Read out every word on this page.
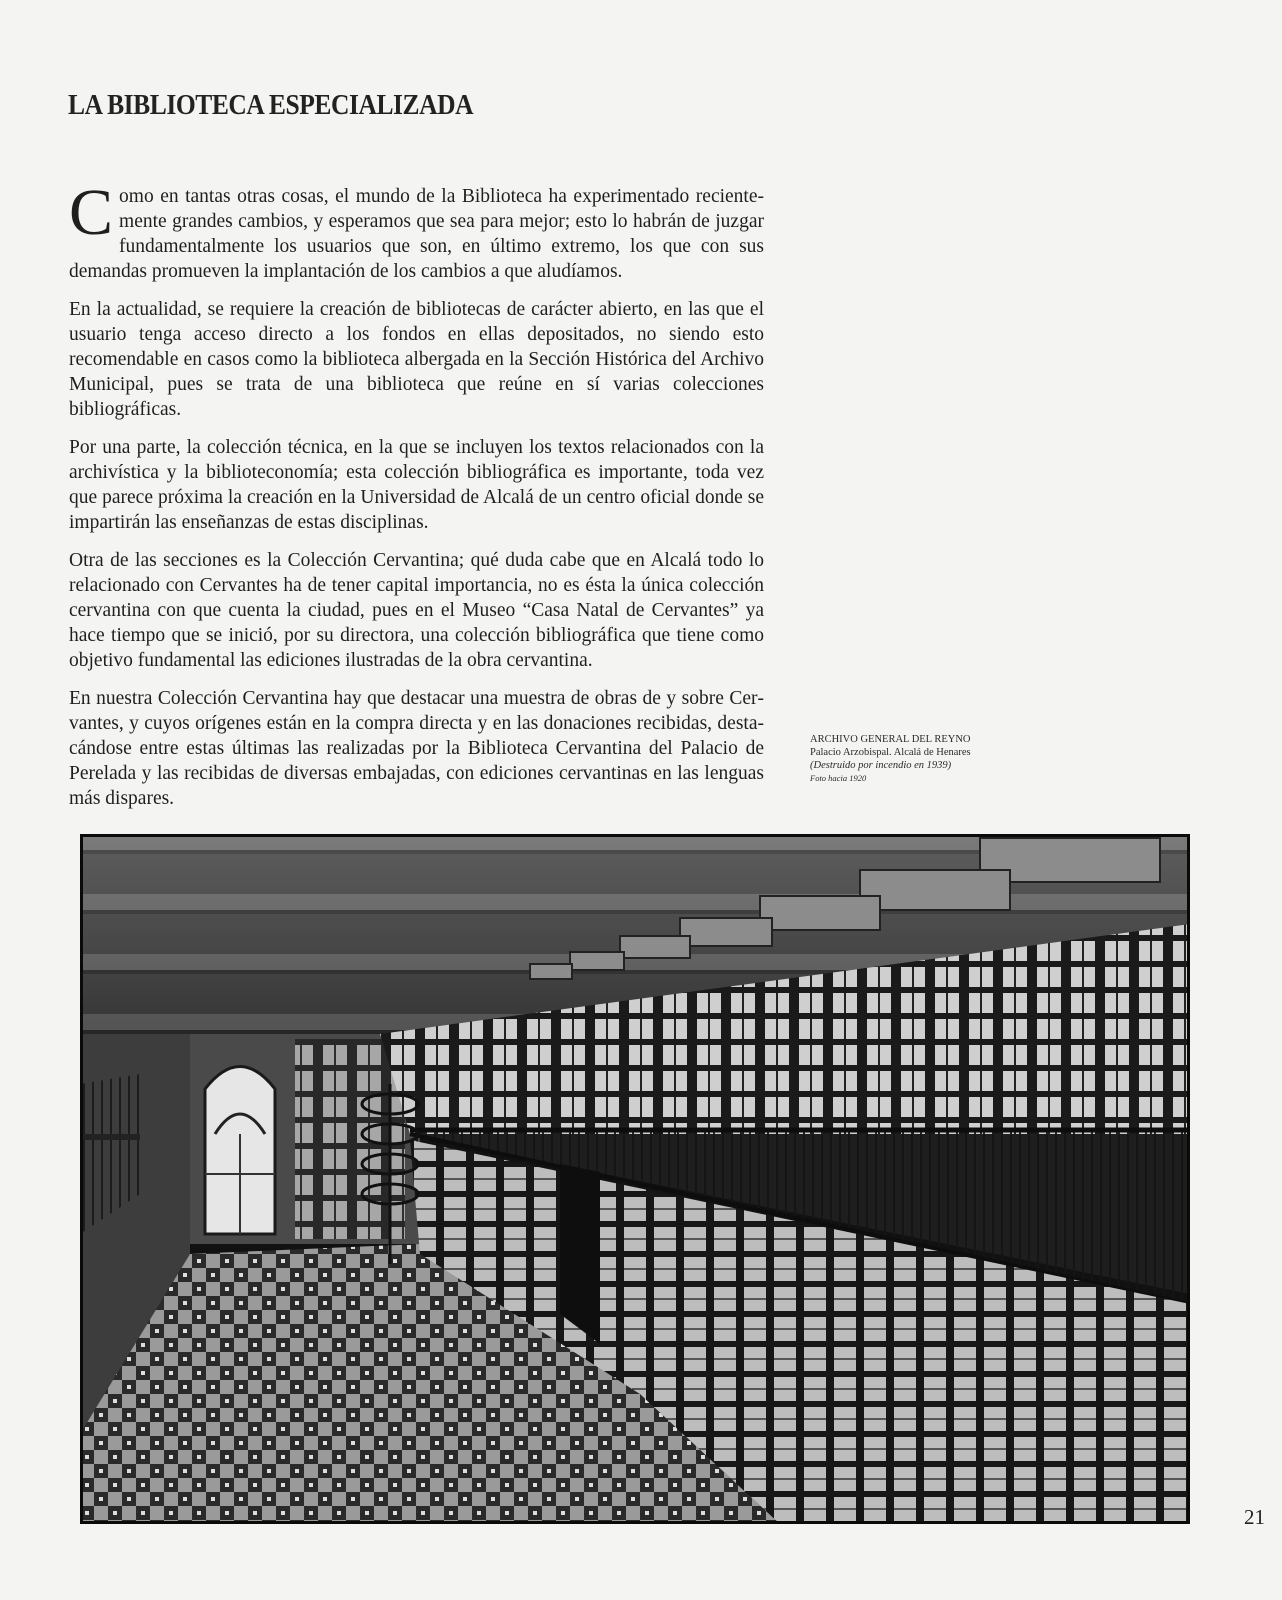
LA BIBLIOTECA ESPECIALIZADA

Como en tantas otras cosas, el mundo de la Biblioteca ha experimentado recientemente grandes cambios, y esperamos que sea para mejor; esto lo habrán de juzgar fundamentalmente los usuarios que son, en último extremo, los que con sus demandas promueven la implantación de los cambios a que aludíamos.

En la actualidad, se requiere la creación de bibliotecas de carácter abierto, en las que el usuario tenga acceso directo a los fondos en ellas depositados, no siendo esto recomendable en casos como la biblioteca albergada en la Sección Histórica del Archivo Municipal, pues se trata de una biblioteca que reúne en sí varias colecciones bibliográficas.

Por una parte, la colección técnica, en la que se incluyen los textos relacionados con la archivística y la biblioteconomía; esta colección bibliográfica es importante, toda vez que parece próxima la creación en la Universidad de Alcalá de un centro oficial donde se impartirán las enseñanzas de estas disciplinas.

Otra de las secciones es la Colección Cervantina; qué duda cabe que en Alcalá todo lo relacionado con Cervantes ha de tener capital importancia, no es ésta la única colección cervantina con que cuenta la ciudad, pues en el Museo “Casa Natal de Cervantes” ya hace tiempo que se inició, por su directora, una colección bibliográfica que tiene como objetivo fundamental las ediciones ilustradas de la obra cervantina.

En nuestra Colección Cervantina hay que destacar una muestra de obras de y sobre Cervantes, y cuyos orígenes están en la compra directa y en las donaciones recibidas, destacándose entre estas últimas las realizadas por la Biblioteca Cervantina del Palacio de Perelada y las recibidas de diversas embajadas, con ediciones cervantinas en las lenguas más dispares.

ARCHIVO GENERAL DEL REYNO
Palacio Arzobispal. Alcalá de Henares
(Destruido por incendio en 1939)
Foto hacia 1920
21
